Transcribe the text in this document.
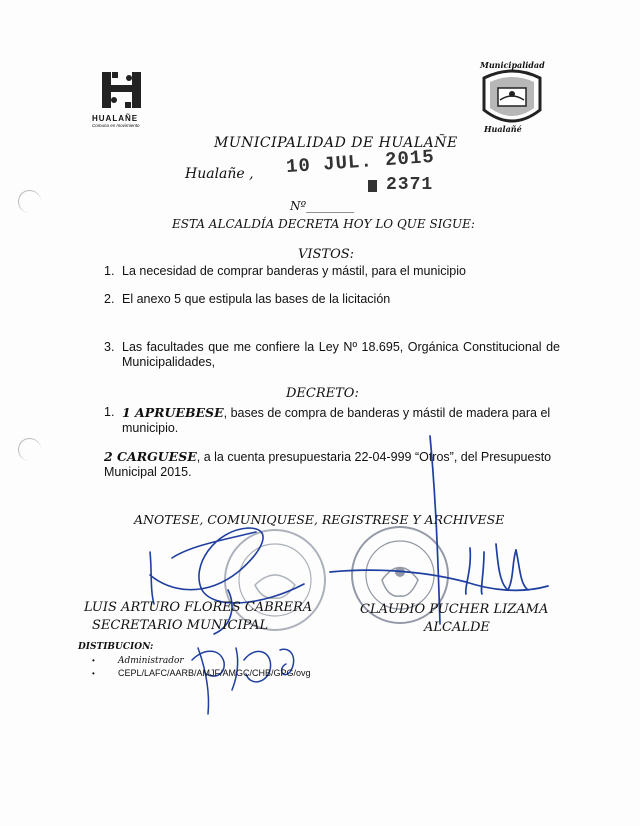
HUALAÑE
Comuna en movimiento
Municipalidad
Hualañé
MUNICIPALIDAD DE HUALAÑE
Hualañe , 10 JUL. 2015
2371
Nº________
ESTA ALCALDÍA DECRETA HOY LO QUE SIGUE:
VISTOS:
1. La necesidad de comprar banderas y mástil, para el municipio
2. El anexo 5 que estipula las bases de la licitación
3. Las facultades que me confiere la Ley Nº 18.695, Orgánica Constitucional de Municipalidades,
DECRETO:
1. 1 APRUEBESE, bases de compra de banderas y mástil de madera para el municipio.
2 CARGUESE, a la cuenta presupuestaria 22-04-999 “Otros”, del Presupuesto Municipal 2015.
ANOTESE, COMUNIQUESE, REGISTRESE Y ARCHIVESE
LUIS ARTURO FLORES CABRERA
SECRETARIO MUNICIPAL
CLAUDIO PUCHER LIZAMA
ALCALDE
DISTIBUCION:
•	Administrador
•	CEPL/LAFC/AARB/AMJF/AMGC/CHB/GPG/ovg
